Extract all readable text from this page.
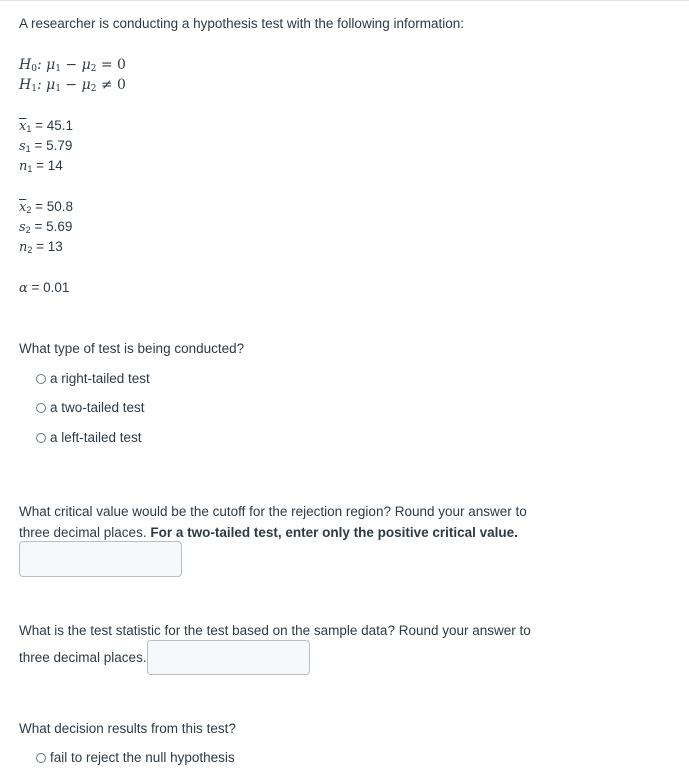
A researcher is conducting a hypothesis test with the following information:
$H_0$: $\mu_1 - \mu_2 = 0$
$H_1$: $\mu_1 - \mu_2 \ne 0$
$\overline{x}_1 = 45.1$
$s_1 = 5.79$
$n_1 = 14$
$\overline{x}_2 = 50.8$
$s_2 = 5.69$
$n_2 = 13$
α = 0.01
What type of test is being conducted?
a right-tailed test
a two-tailed test
a left-tailed test
What critical value would be the cutoff for the rejection region? Round your answer to
three decimal places. For a two-tailed test, enter only the positive critical value.
What is the test statistic for the test based on the sample data? Round your answer to
three decimal places.
What decision results from this test?
fail to reject the null hypothesis
